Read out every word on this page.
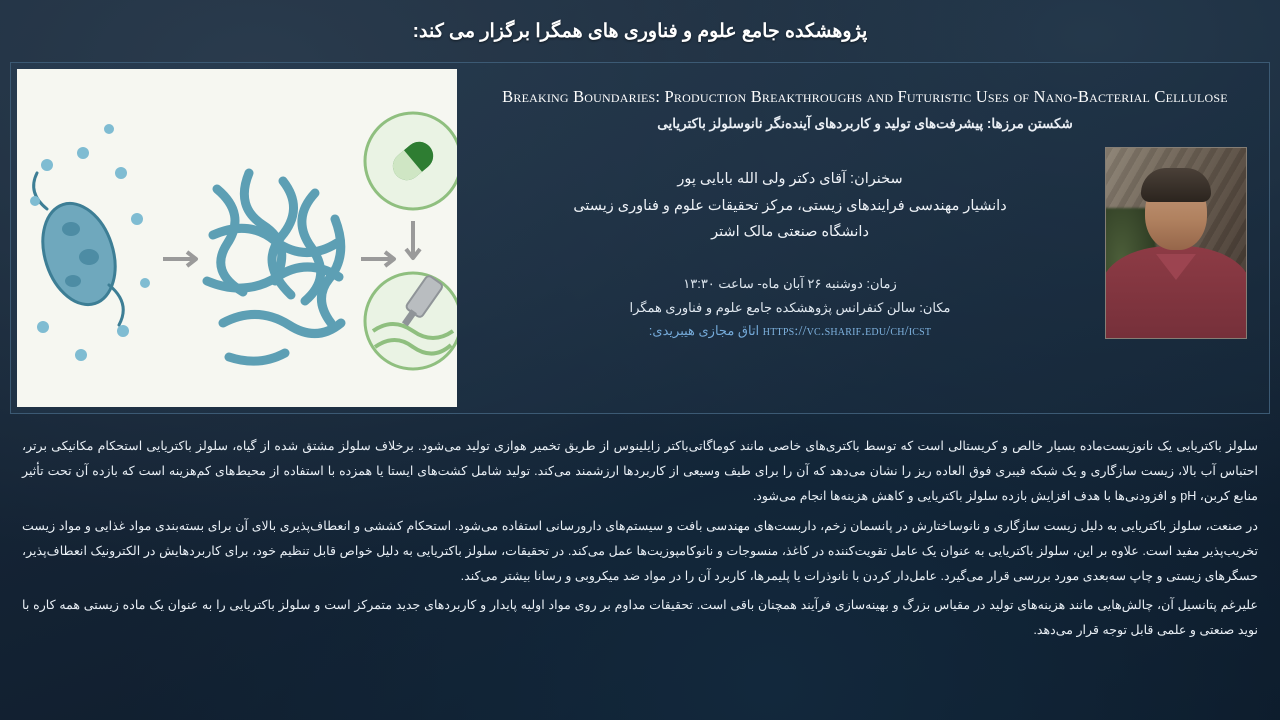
پژوهشکده جامع علوم و فناوری های همگرا برگزار می کند:
Breaking Boundaries: Production Breakthroughs and Futuristic Uses of Nano-Bacterial Cellulose
شکستن مرزها: پیشرفت‌های تولید و کاربردهای آینده‌نگر نانوسلولز باکتریایی
سخنران: آقای دکتر ولی الله بابایی پور
دانشیار مهندسی فرایندهای زیستی، مرکز تحقیقات علوم و فناوری زیستی
دانشگاه صنعتی مالک اشتر
زمان: دوشنبه ۲۶ آبان ماه- ساعت ۱۳:۳۰
مکان: سالن کنفرانس پژوهشکده جامع علوم و فناوری همگرا
https://vc.sharif.edu/ch/icst اتاق مجازی هیبریدی:

سلولز باکتریایی یک نانوزیست‌ماده بسیار خالص و کریستالی است که توسط باکتری‌های خاصی مانند کوماگاتی‌باکتر زایلینوس از طریق تخمیر هوازی تولید می‌شود. برخلاف سلولز مشتق شده از گیاه، سلولز باکتریایی استحکام مکانیکی برتر، احتباس آب بالا، زیست سازگاری و یک شبکه فیبری فوق العاده ریز را نشان می‌دهد که آن را برای طیف وسیعی از کاربردها ارزشمند می‌کند. تولید شامل کشت‌های ایستا یا همزده با استفاده از محیط‌های کم‌هزینه است که بازده آن تحت تأثیر منابع کربن، pH و افزودنی‌ها با هدف افزایش بازده سلولز باکتریایی و کاهش هزینه‌ها انجام می‌شود.

در صنعت، سلولز باکتریایی به دلیل زیست سازگاری و نانوساختارش در پانسمان زخم، داربست‌های مهندسی بافت و سیستم‌های دارورسانی استفاده می‌شود. استحکام کششی و انعطاف‌پذیری بالای آن برای بسته‌بندی مواد غذایی و مواد زیست تخریب‌پذیر مفید است. علاوه بر این، سلولز باکتریایی به عنوان یک عامل تقویت‌کننده در کاغذ، منسوجات و نانوکامپوزیت‌ها عمل می‌کند. در تحقیقات، سلولز باکتریایی به دلیل خواص قابل تنظیم خود، برای کاربردهایش در الکترونیک انعطاف‌پذیر، حسگرهای زیستی و چاپ سه‌بعدی مورد بررسی قرار می‌گیرد. عامل‌دار کردن با نانوذرات یا پلیمرها، کاربرد آن را در مواد ضد میکروبی و رسانا بیشتر می‌کند.

علیرغم پتانسیل آن، چالش‌هایی مانند هزینه‌های تولید در مقیاس بزرگ و بهینه‌سازی فرآیند همچنان باقی است. تحقیقات مداوم بر روی مواد اولیه پایدار و کاربردهای جدید متمرکز است و سلولز باکتریایی را به عنوان یک ماده زیستی همه کاره با نوید صنعتی و علمی قابل توجه قرار می‌دهد.
